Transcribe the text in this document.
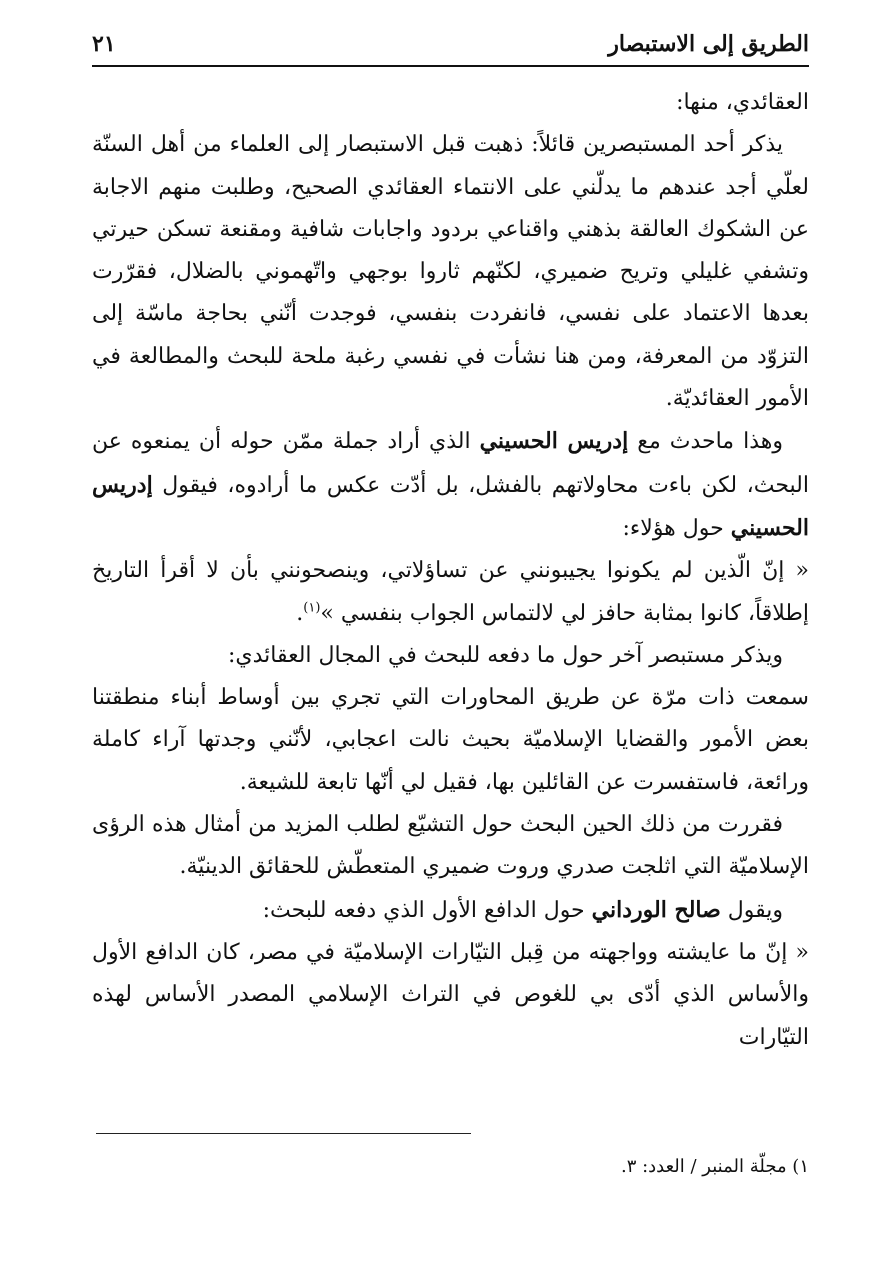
الطريق إلى الاستبصار
٢١

العقائدي، منها:

يذكر أحد المستبصرين قائلاً: ذهبت قبل الاستبصار إلى العلماء من أهل السنّة لعلّي أجد عندهم ما يدلّني على الانتماء العقائدي الصحيح، وطلبت منهم الاجابة عن الشكوك العالقة بذهني واقناعي بردود واجابات شافية ومقنعة تسكن حيرتي وتشفي غليلي وتريح ضميري، لكنّهم ثاروا بوجهي واتّهموني بالضلال، فقرّرت بعدها الاعتماد على نفسي، فانفردت بنفسي، فوجدت أنّني بحاجة ماسّة إلى التزوّد من المعرفة، ومن هنا نشأت في نفسي رغبة ملحة للبحث والمطالعة في الأمور العقائديّة.

وهذا ماحدث مع إدريس الحسيني الذي أراد جملة ممّن حوله أن يمنعوه عن البحث، لكن باءت محاولاتهم بالفشل، بل أدّت عكس ما أرادوه، فيقول إدريس الحسيني حول هؤلاء:

« إنّ الّذين لم يكونوا يجيبونني عن تساؤلاتي، وينصحونني بأن لا أقرأ التاريخ إطلاقاً، كانوا بمثابة حافز لي لالتماس الجواب بنفسي »$^{(١)}$.

ويذكر مستبصر آخر حول ما دفعه للبحث في المجال العقائدي:

سمعت ذات مرّة عن طريق المحاورات التي تجري بين أوساط أبناء منطقتنا بعض الأمور والقضايا الإسلاميّة بحيث نالت اعجابي، لأنّني وجدتها آراء كاملة ورائعة، فاستفسرت عن القائلين بها، فقيل لي أنّها تابعة للشيعة.

فقررت من ذلك الحين البحث حول التشيّع لطلب المزيد من أمثال هذه الرؤى الإسلاميّة التي اثلجت صدري وروت ضميري المتعطّش للحقائق الدينيّة.

ويقول صالح الورداني حول الدافع الأول الذي دفعه للبحث:

« إنّ ما عايشته وواجهته من قِبل التيّارات الإسلاميّة في مصر، كان الدافع الأول والأساس الذي أدّى بي للغوص في التراث الإسلامي المصدر الأساس لهذه التيّارات

١) مجلّة المنبر / العدد: ٣.
